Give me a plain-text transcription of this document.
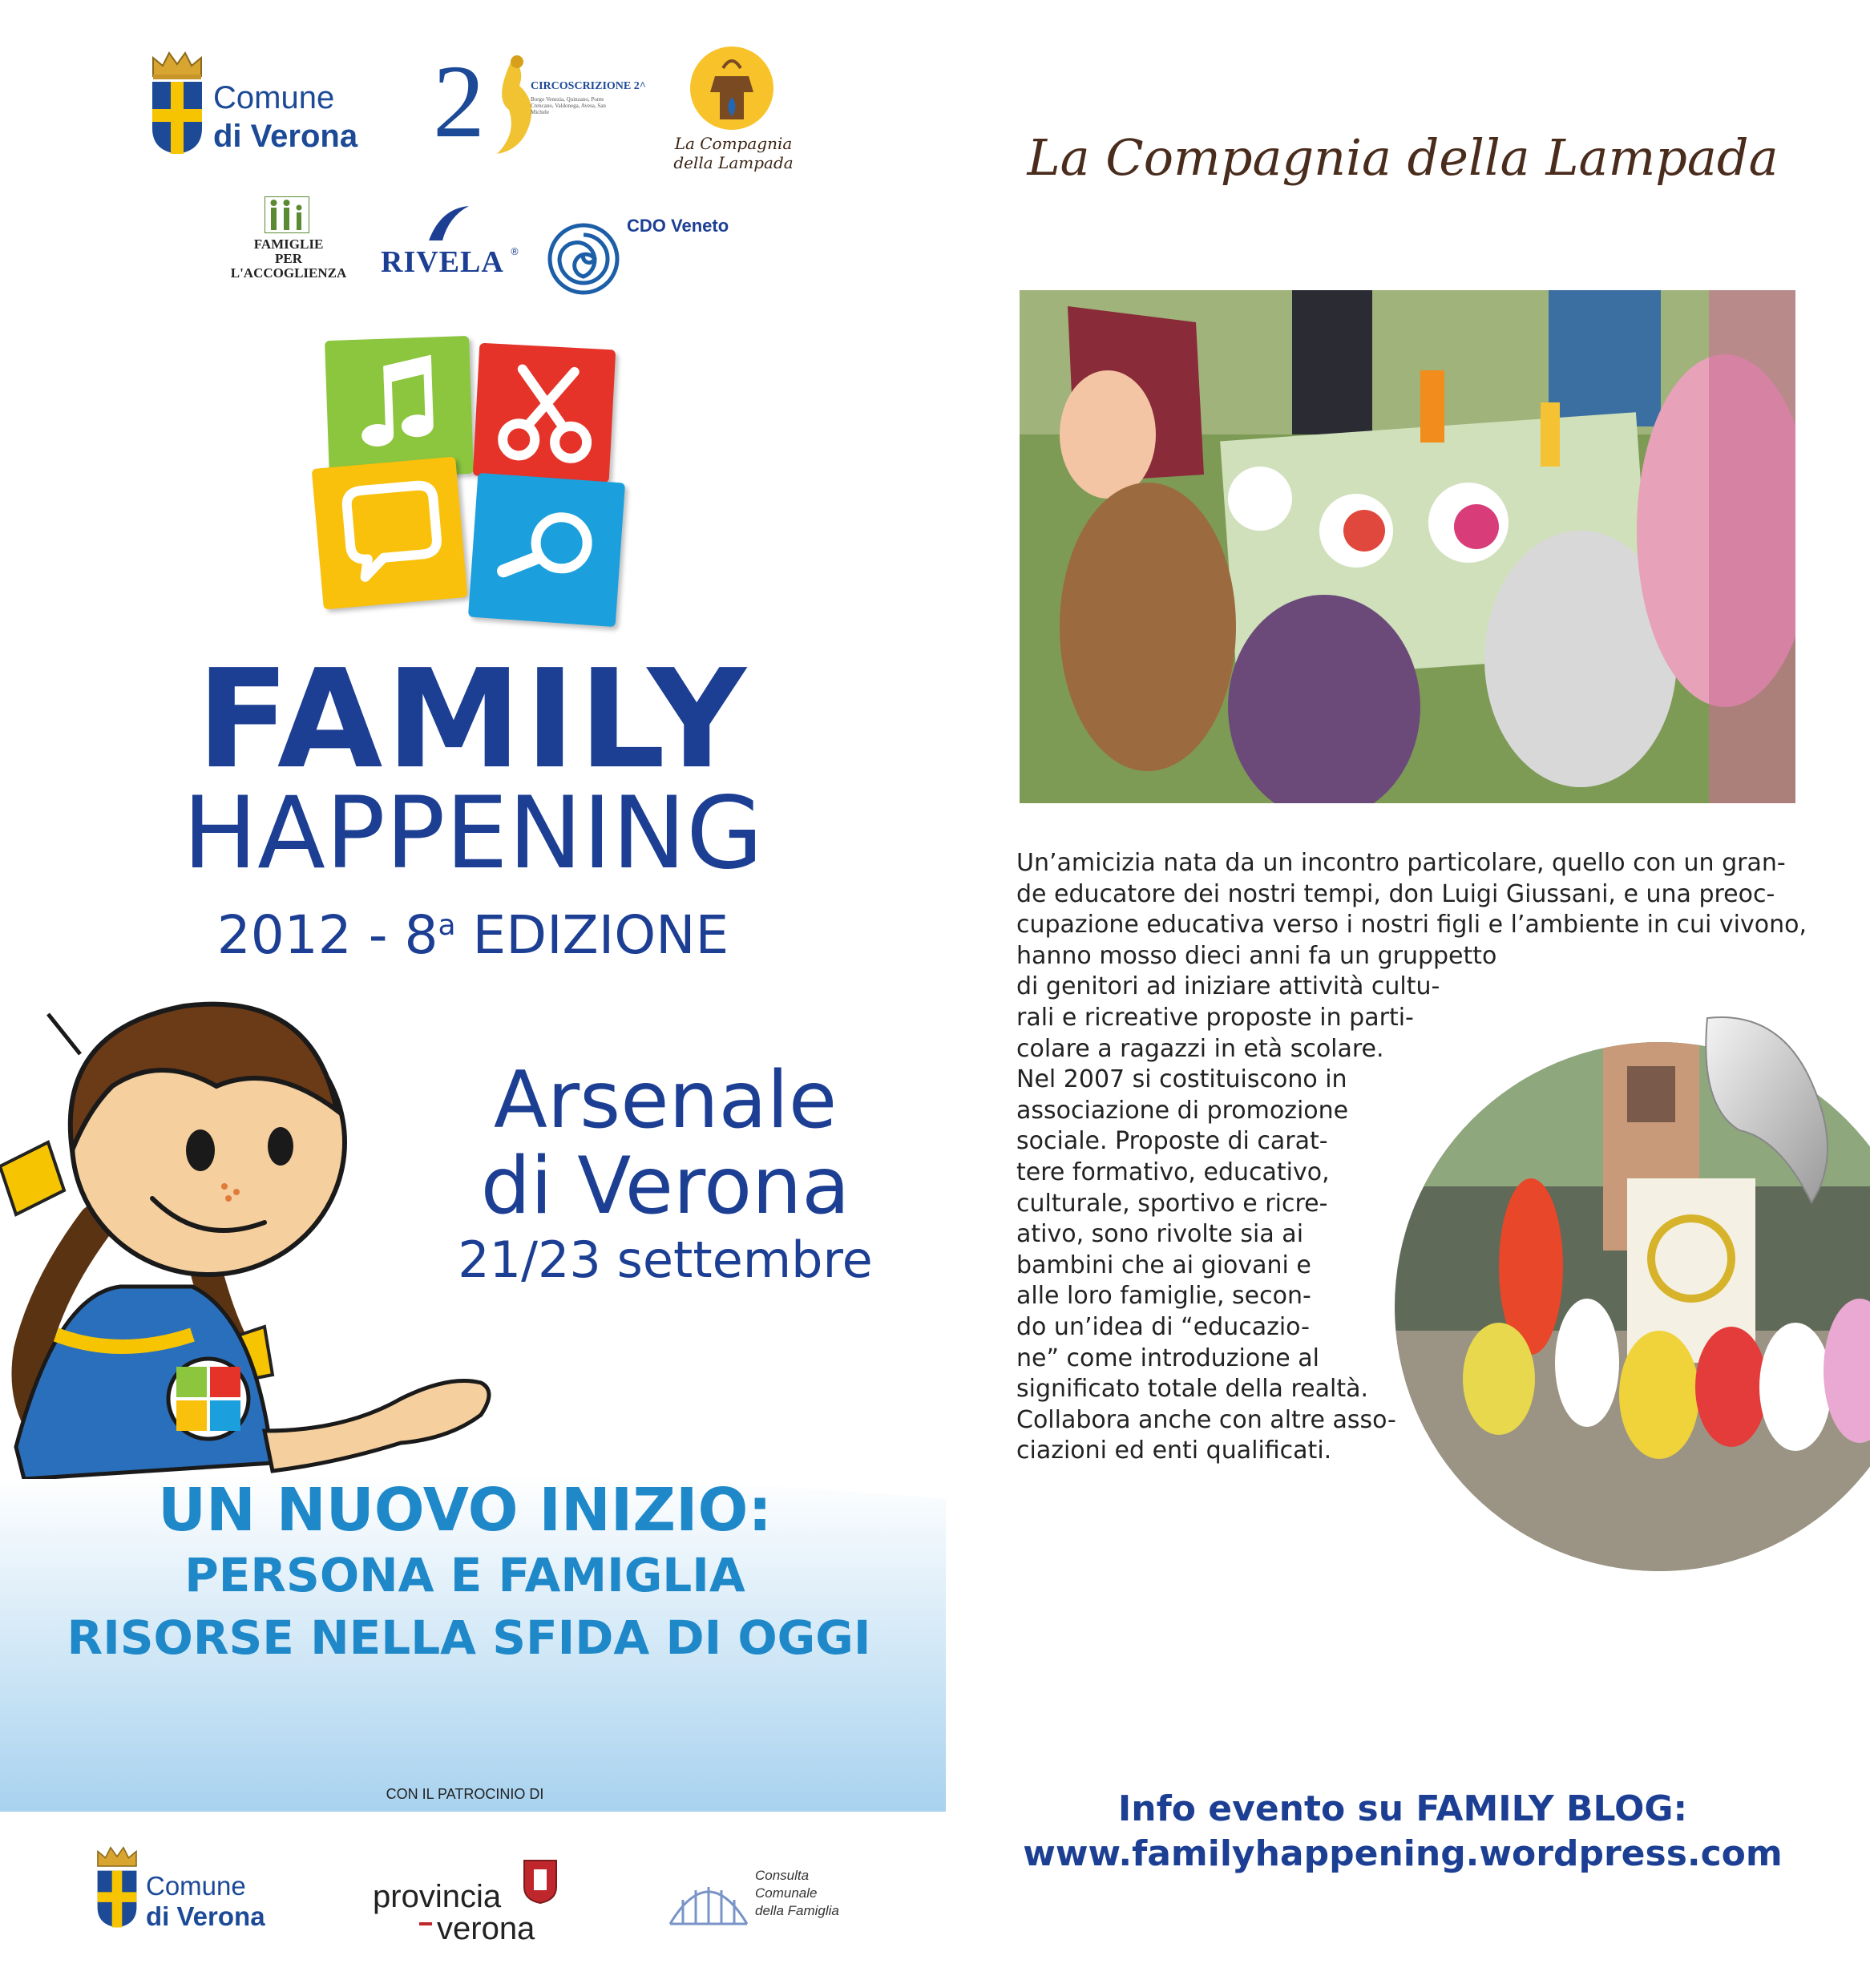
Comune
di Verona 2	CIRCOSCRIZIONE 2^
Borgo Venezia, Quinzano, Ponte Crencano, Valdonega, Avesa, San Michele
La Compagnia
della Lampada
FAMIGLIE
PER
L'ACCOGLIENZA	RIVELA ®
CDO Veneto
FAMILY
HAPPENING
2012 - 8$^a$ EDIZIONE
Arsenale
di Verona
21/23 settembre
UN NUOVO INIZIO:
PERSONA E FAMIGLIA
RISORSE NELLA SFIDA DI OGGI
CON IL PATROCINIO DI
Comune
di Verona
provincia
verona
Consulta
Comunale
della Famiglia
La Compagnia della Lampada

Un’amicizia nata da un incontro particolare, quello con un gran-

de educatore dei nostri tempi, don Luigi Giussani, e una preoc-

cupazione educativa verso i nostri figli e l’ambiente in cui vivono,

hanno mosso dieci anni fa un gruppetto

di genitori ad iniziare attività cultu-

rali e ricreative proposte in parti-

colare a ragazzi in età scolare.

Nel 2007 si costituiscono in

associazione di promozione

sociale. Proposte di carat-

tere formativo, educativo,

culturale, sportivo e ricre-

ativo, sono rivolte sia ai

bambini che ai giovani e

alle loro famiglie, secon-

do un’idea di “educazio-

ne” come introduzione al

significato totale della realtà.

Collabora anche con altre asso-

ciazioni ed enti qualificati.

Info evento su FAMILY BLOG:
www.familyhappening.wordpress.com
